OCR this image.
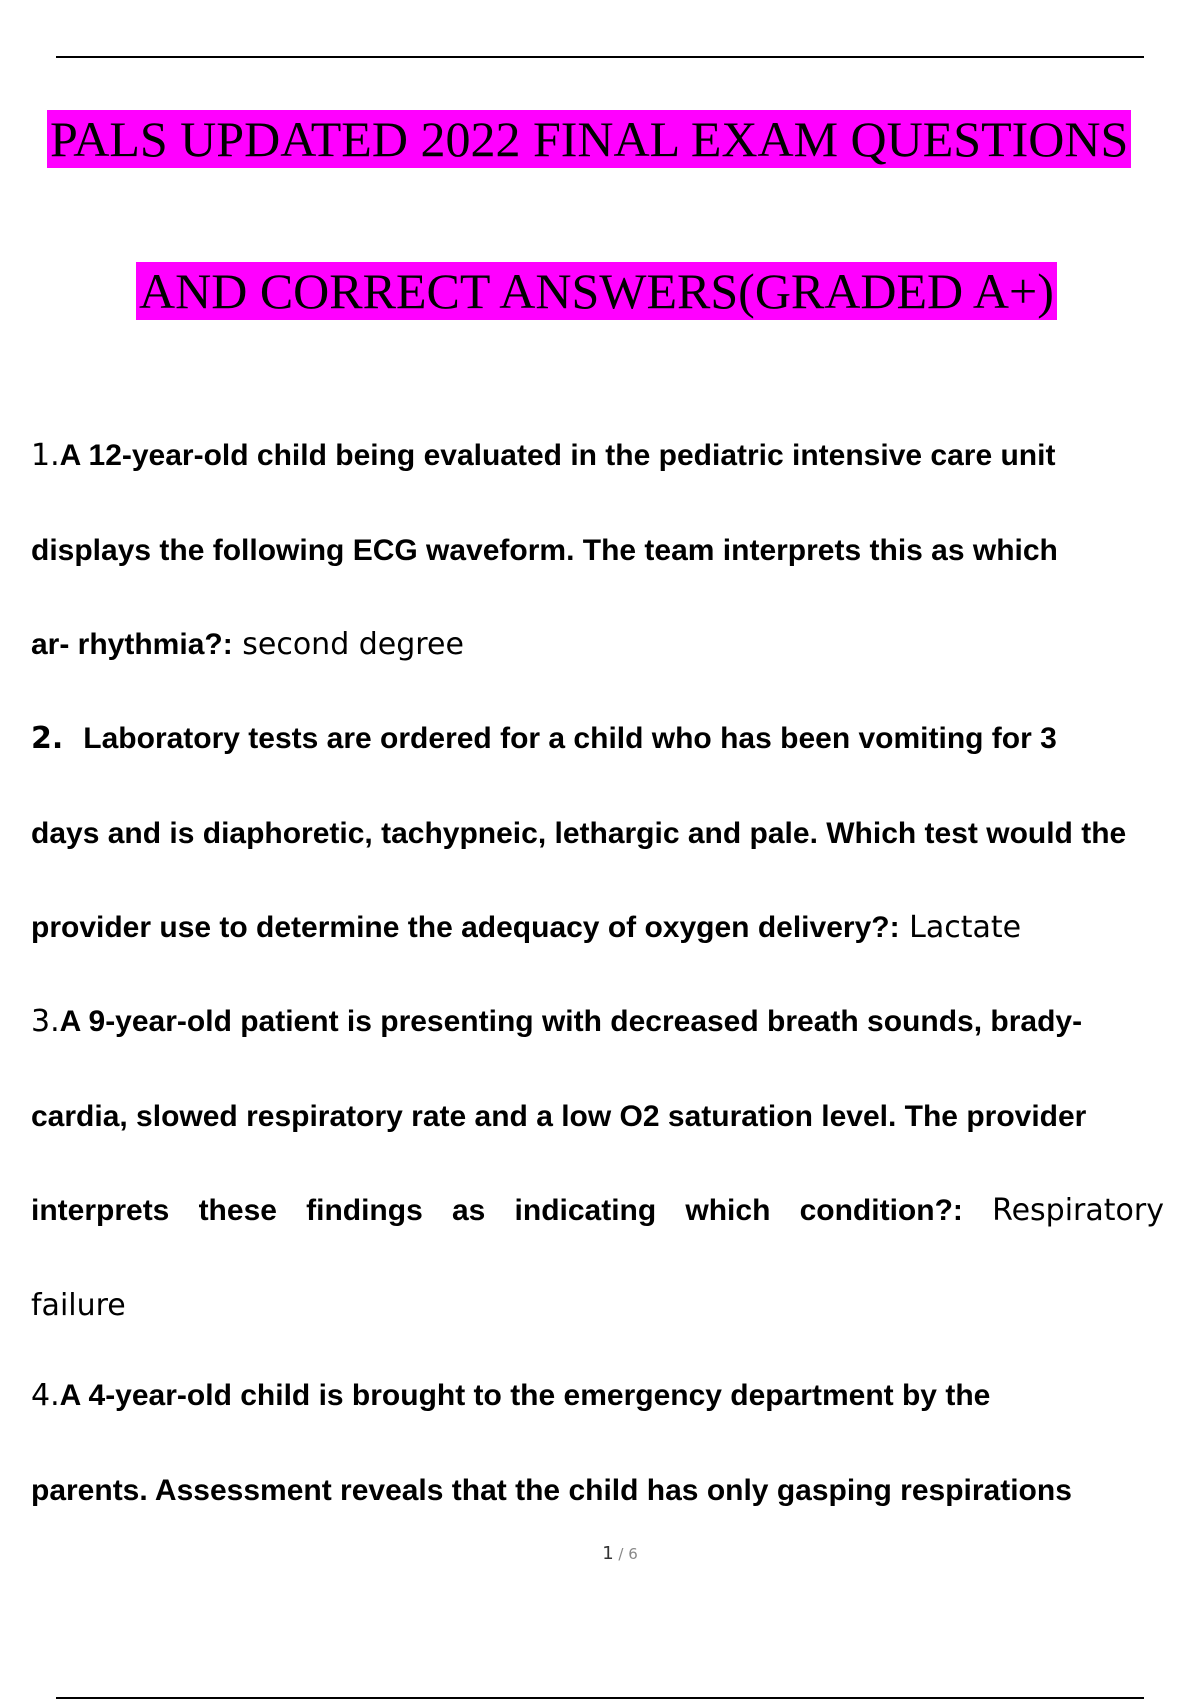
PALS UPDATED 2022 FINAL EXAM QUESTIONS
AND CORRECT ANSWERS(GRADED A+)
1.A 12-year-old child being evaluated in the pediatric intensive care unit
displays the following ECG waveform. The team interprets this as which
ar- rhythmia?: second degree
2. Laboratory tests are ordered for a child who has been vomiting for 3
days and is diaphoretic, tachypneic, lethargic and pale. Which test would the
provider use to determine the adequacy of oxygen delivery?: Lactate
3.A 9-year-old patient is presenting with decreased breath sounds, brady-
cardia, slowed respiratory rate and a low O2 saturation level. The provider
interprets these findings as indicating which condition?: Respiratory
failure
4.A 4-year-old child is brought to the emergency department by the
parents. Assessment reveals that the child has only gasping respirations
1 / 6
